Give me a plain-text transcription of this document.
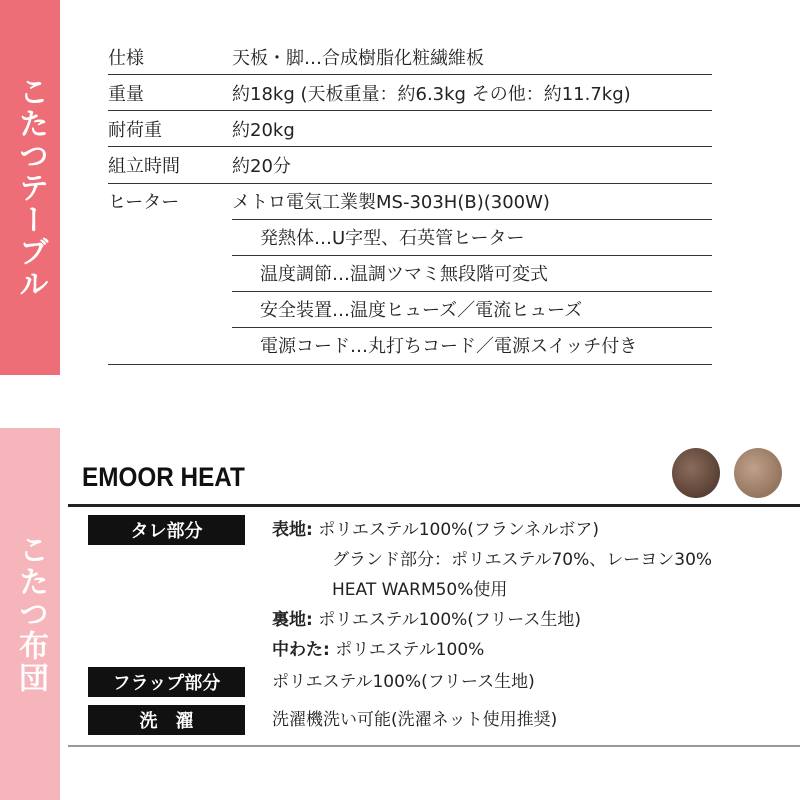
こたつテーブル
こたつ布団
仕様	天板・脚…合成樹脂化粧繊維板
重量	約18kg (天板重量：約6.3kg その他：約11.7kg)
耐荷重	約20kg
組立時間	約20分
ヒーター	メトロ電気工業製MS-303H(B)(300W)
発熱体…U字型、石英管ヒーター
温度調節…温調ツマミ無段階可変式
安全装置…温度ヒューズ／電流ヒューズ
電源コード…丸打ちコード／電源スイッチ付き
EMOOR HEAT
タレ部分	表地: ポリエステル100%(フランネルボア)
グランド部分：ポリエステル70%、レーヨン30%
HEAT WARM50%使用
裏地: ポリエステル100%(フリース生地)
中わた: ポリエステル100%
フラップ部分	ポリエステル100%(フリース生地)
洗　濯	洗濯機洗い可能(洗濯ネット使用推奨)
